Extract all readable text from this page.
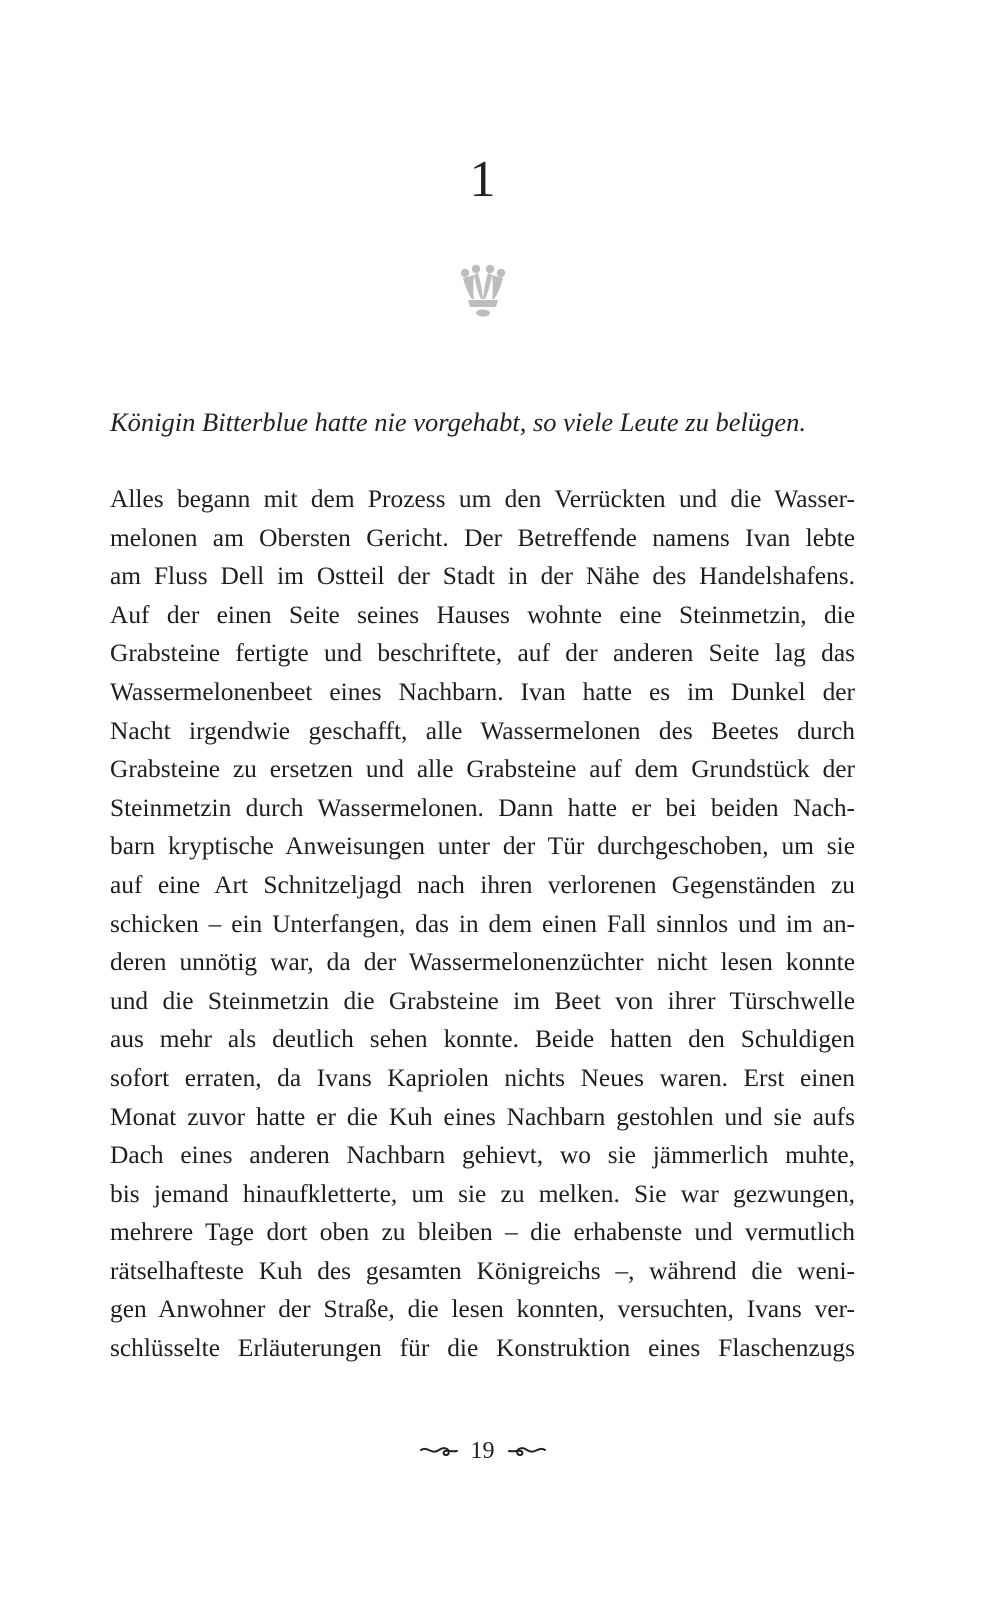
1
Königin Bitterblue hatte nie vorgehabt, so viele Leute zu belügen.
Alles begann mit dem Prozess um den Verrückten und die Wasser-
melonen am Obersten Gericht. Der Betreffende namens Ivan lebte
am Fluss Dell im Ostteil der Stadt in der Nähe des Handelshafens.
Auf der einen Seite seines Hauses wohnte eine Steinmetzin, die
Grabsteine fertigte und beschriftete, auf der anderen Seite lag das
Wassermelonenbeet eines Nachbarn. Ivan hatte es im Dunkel der
Nacht irgendwie geschafft, alle Wassermelonen des Beetes durch
Grabsteine zu ersetzen und alle Grabsteine auf dem Grundstück der
Steinmetzin durch Wassermelonen. Dann hatte er bei beiden Nach-
barn kryptische Anweisungen unter der Tür durchgeschoben, um sie
auf eine Art Schnitzeljagd nach ihren verlorenen Gegenständen zu
schicken – ein Unterfangen, das in dem einen Fall sinnlos und im an-
deren unnötig war, da der Wassermelonenzüchter nicht lesen konnte
und die Steinmetzin die Grabsteine im Beet von ihrer Türschwelle
aus mehr als deutlich sehen konnte. Beide hatten den Schuldigen
sofort erraten, da Ivans Kapriolen nichts Neues waren. Erst einen
Monat zuvor hatte er die Kuh eines Nachbarn gestohlen und sie aufs
Dach eines anderen Nachbarn gehievt, wo sie jämmerlich muhte,
bis jemand hinaufkletterte, um sie zu melken. Sie war gezwungen,
mehrere Tage dort oben zu bleiben – die erhabenste und vermutlich
rätselhafteste Kuh des gesamten Königreichs –, während die weni-
gen Anwohner der Straße, die lesen konnten, versuchten, Ivans ver-
schlüsselte Erläuterungen für die Konstruktion eines Flaschenzugs
19
